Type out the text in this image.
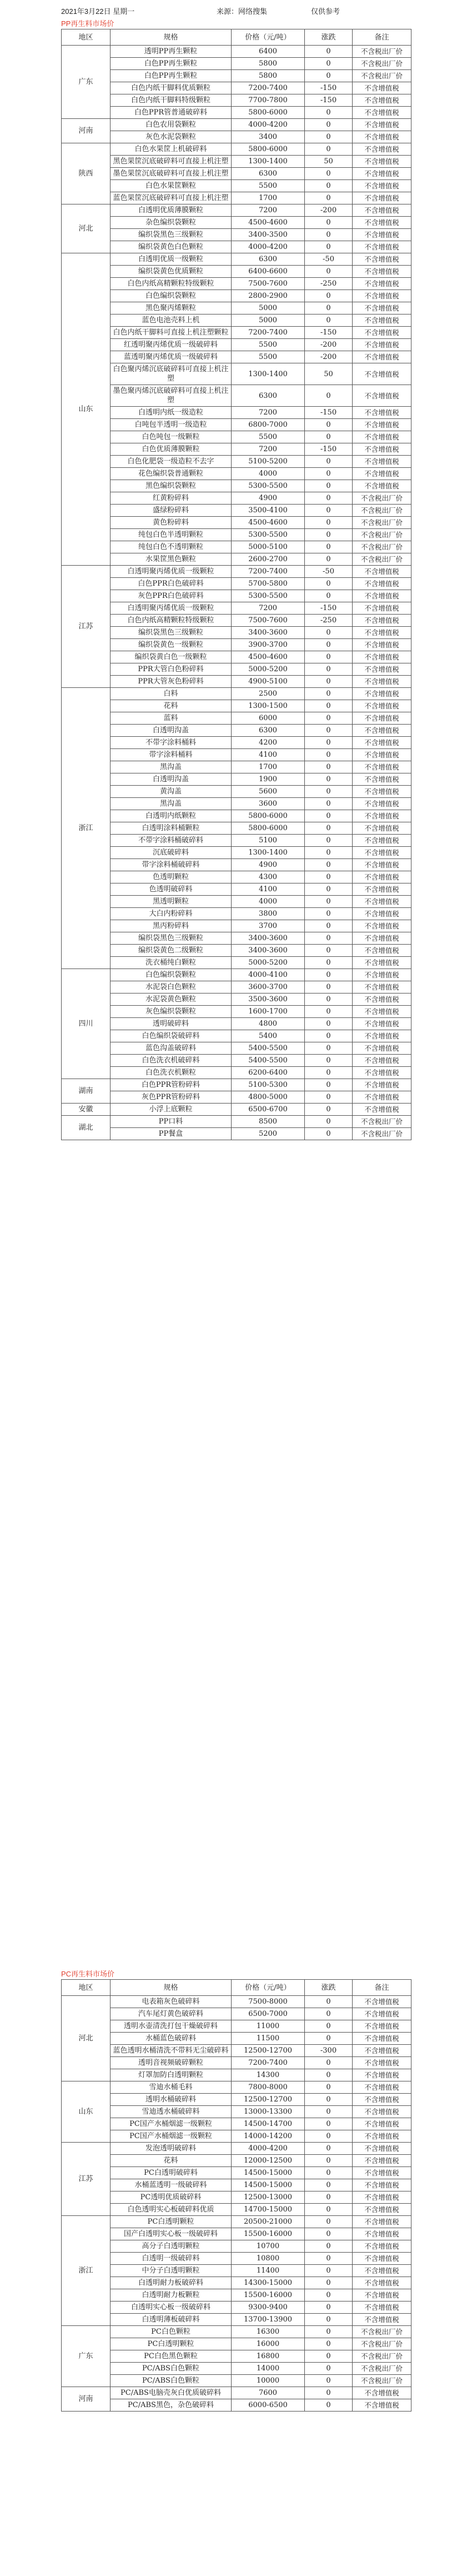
2021年3月22日 星期一	来源：网络搜集	仅供参考
PP再生料市场价
地区	规格	价格（元/吨）	涨跌	备注
广东	透明PP再生颗粒	6400	0	不含税出厂价
	白色PP再生颗粒	5800	0	不含税出厂价
	白色PP再生颗粒	5800	0	不含税出厂价
	白色内纸干脚料优质颗粒	7200-7400	-150	不含增值税
	白色内纸干脚料特级颗粒	7700-7800	-150	不含增值税
	白色PPR管普通破碎料	5800-6000	0	不含增值税
河南	白色农用袋颗粒	4000-4200	0	不含增值税
	灰色水泥袋颗粒	3400	0	不含增值税
陕西	白色水果筐上机破碎料	5800-6000	0	不含增值税
	黑色果筐沉底破碎料可直接上机注塑	1300-1400	50	不含增值税
	墨色果筐沉底破碎料可直接上机注塑	6300	0	不含增值税
	白色水果筐颗粒	5500	0	不含增值税
	蓝色果筐沉底破碎料可直接上机注塑	1700	0	不含增值税
河北	白透明优质薄膜颗粒	7200	-200	不含增值税
	杂色编织袋颗粒	4500-4600	0	不含增值税
	编织袋黑色三级颗粒	3400-3500	0	不含增值税
	编织袋黄色白色颗粒	4000-4200	0	不含增值税
山东	白透明优质一级颗粒	6300	-50	不含增值税
	编织袋黄色优质颗粒	6400-6600	0	不含增值税
	白色内纸高精颗粒特级颗粒	7500-7600	-250	不含增值税
	白色编织袋颗粒	2800-2900	0	不含增值税
	黑色聚丙烯颗粒	5000	0	不含增值税
	蓝色电池壳料上机	5000	0	不含增值税
	白色内纸干脚料可直接上机注塑颗粒	7200-7400	-150	不含增值税
	红透明聚丙烯优质一级破碎料	5500	-200	不含增值税
	蓝透明聚丙烯优质一级破碎料	5500	-200	不含增值税
	白色聚丙烯沉底破碎料可直接上机注塑	1300-1400	50	不含增值税
	墨色聚丙烯沉底破碎料可直接上机注塑	6300	0	不含增值税
	白透明内纸一级造粒	7200	-150	不含增值税
	白吨包半透明一级造粒	6800-7000	0	不含增值税
	白色吨包一级颗粒	5500	0	不含增值税
	白色优质薄膜颗粒	7200	-150	不含增值税
	白色化肥袋一级造粒不去字	5100-5200	0	不含增值税
	花色编织袋普通颗粒	4000	0	不含增值税
	黑色编织袋颗粒	5300-5500	0	不含增值税
	红黄粉碎料	4900	0	不含税出厂价
	盛绿粉碎料	3500-4100	0	不含税出厂价
	黄色粉碎料	4500-4600	0	不含税出厂价
	纯包白色半透明颗粒	5300-5500	0	不含税出厂价
	纯包白色不透明颗粒	5000-5100	0	不含税出厂价
	水果筐黑色颗粒	2600-2700	0	不含税出厂价
江苏	白透明聚丙烯优质一级颗粒	7200-7400	-50	不含增值税
	白色PPR白色破碎料	5700-5800	0	不含增值税
	灰色PPR白色破碎料	5300-5500	0	不含增值税
	白透明聚丙烯优质一级颗粒	7200	-150	不含增值税
	白色内纸高精颗粒特级颗粒	7500-7600	-250	不含增值税
	编织袋黑色三级颗粒	3400-3600	0	不含增值税
	编织袋黄色一级颗粒	3900-3700	0	不含增值税
	编织袋黄白色一级颗粒	4500-4600	0	不含增值税
	PPR大管白色粉碎料	5000-5200	0	不含增值税
	PPR大管灰色粉碎料	4900-5100	0	不含增值税
浙江	白料	2500	0	不含增值税
	花料	1300-1500	0	不含增值税
	蓝料	6000	0	不含增值税
	白透明沟盖	6300	0	不含增值税
	不带字涂料桶料	4200	0	不含增值税
	带字涂料桶料	4100	0	不含增值税
	黑沟盖	1700	0	不含增值税
	白透明沟盖	1900	0	不含增值税
	黄沟盖	5600	0	不含增值税
	黑沟盖	3600	0	不含增值税
	白透明内纸颗粒	5800-6000	0	不含增值税
	白透明涂料桶颗粒	5800-6000	0	不含增值税
	不带字涂料桶破碎料	5100	0	不含增值税
	沉底破碎料	1300-1400	0	不含增值税
	带字涂料桶破碎料	4900	0	不含增值税
	色透明颗粒	4300	0	不含增值税
	色透明破碎料	4100	0	不含增值税
	黑透明颗粒	4000	0	不含增值税
	大白内粉碎料	3800	0	不含增值税
	黑丙粉碎料	3700	0	不含增值税
	编织袋黑色三级颗粒	3400-3600	0	不含增值税
	编织袋黄色二级颗粒	3400-3600	0	不含增值税
	洗衣桶纯白颗粒	5000-5200	0	不含增值税
四川	白色编织袋颗粒	4000-4100	0	不含增值税
	水泥袋白色颗粒	3600-3700	0	不含增值税
	水泥袋黄色颗粒	3500-3600	0	不含增值税
	灰色编织袋颗粒	1600-1700	0	不含增值税
	透明破碎料	4800	0	不含增值税
	白色编织袋破碎料	5400	0	不含增值税
	蓝色沟盖破碎料	5400-5500	0	不含增值税
	白色洗衣机破碎料	5400-5500	0	不含增值税
	白色洗衣机颗粒	6200-6400	0	不含增值税
湖南	白色PPR管粉碎料	5100-5300	0	不含增值税
	灰色PPR管粉碎料	4800-5000	0	不含增值税
安徽	小浮上底颗粒	6500-6700	0	不含增值税
湖北	PP口料	8500	0	不含税出厂价
	PP餐盒	5200	0	不含税出厂价
PC再生料市场价
地区	规格	价格（元/吨）	涨跌	备注
河北	电表箱灰色破碎料	7500-8000	0	不含增值税
	汽车尾灯黄色破碎料	6500-7000	0	不含增值税
	透明水壶清洗打包干燥破碎料	11000	0	不含增值税
	水桶蓝色破碎料	11500	0	不含增值税
	蓝色透明水桶清洗不带料无尘破碎料	12500-12700	-300	不含增值税
	透明音视频破碎颗粒	7200-7400	0	不含增值税
	灯罩加防白透明颗粒	14300	0	不含增值税
山东	雪迪水桶毛料	7800-8000	0	不含增值税
	透明水桶破碎料	12500-12700	0	不含增值税
	雪迪透水桶破碎料	13000-13300	0	不含增值税
	PC国产水桶烟滤一级颗粒	14500-14700	0	不含增值税
	PC国产水桶烟滤一级颗粒	14000-14200	0	不含增值税
江苏	发泡透明破碎料	4000-4200	0	不含增值税
	花料	12000-12500	0	不含增值税
	PC白透明破碎料	14500-15000	0	不含增值税
	水桶蓝透明一级破碎料	14500-15000	0	不含增值税
	PC透明优质破碎料	12500-13000	0	不含增值税
	白色透明实心板破碎料优质	14700-15000	0	不含增值税
浙江	PC白透明颗粒	20500-21000	0	不含增值税
	国产白透明实心板一级破碎料	15500-16000	0	不含增值税
	高分子白透明颗粒	10700	0	不含增值税
	白透明一级破碎料	10800	0	不含增值税
	中分子白透明颗粒	11400	0	不含增值税
	白透明耐力板破碎料	14300-15000	0	不含增值税
	白透明耐力板颗粒	15500-16000	0	不含增值税
	白透明实心板一级破碎料	9300-9400	0	不含增值税
	白透明薄板破碎料	13700-13900	0	不含增值税
广东	PC白色颗粒	16300	0	不含税出厂价
	PC白透明颗粒	16000	0	不含税出厂价
	PC白色黑色颗粒	16800	0	不含税出厂价
	PC/ABS白色颗粒	14000	0	不含税出厂价
	PC/ABS白色颗粒	10000	0	不含税出厂价
河南	PC/ABS电脑壳灰白优质破碎料	7600	0	不含增值税
	PC/ABS黑色，杂色破碎料	6000-6500	0	不含增值税
